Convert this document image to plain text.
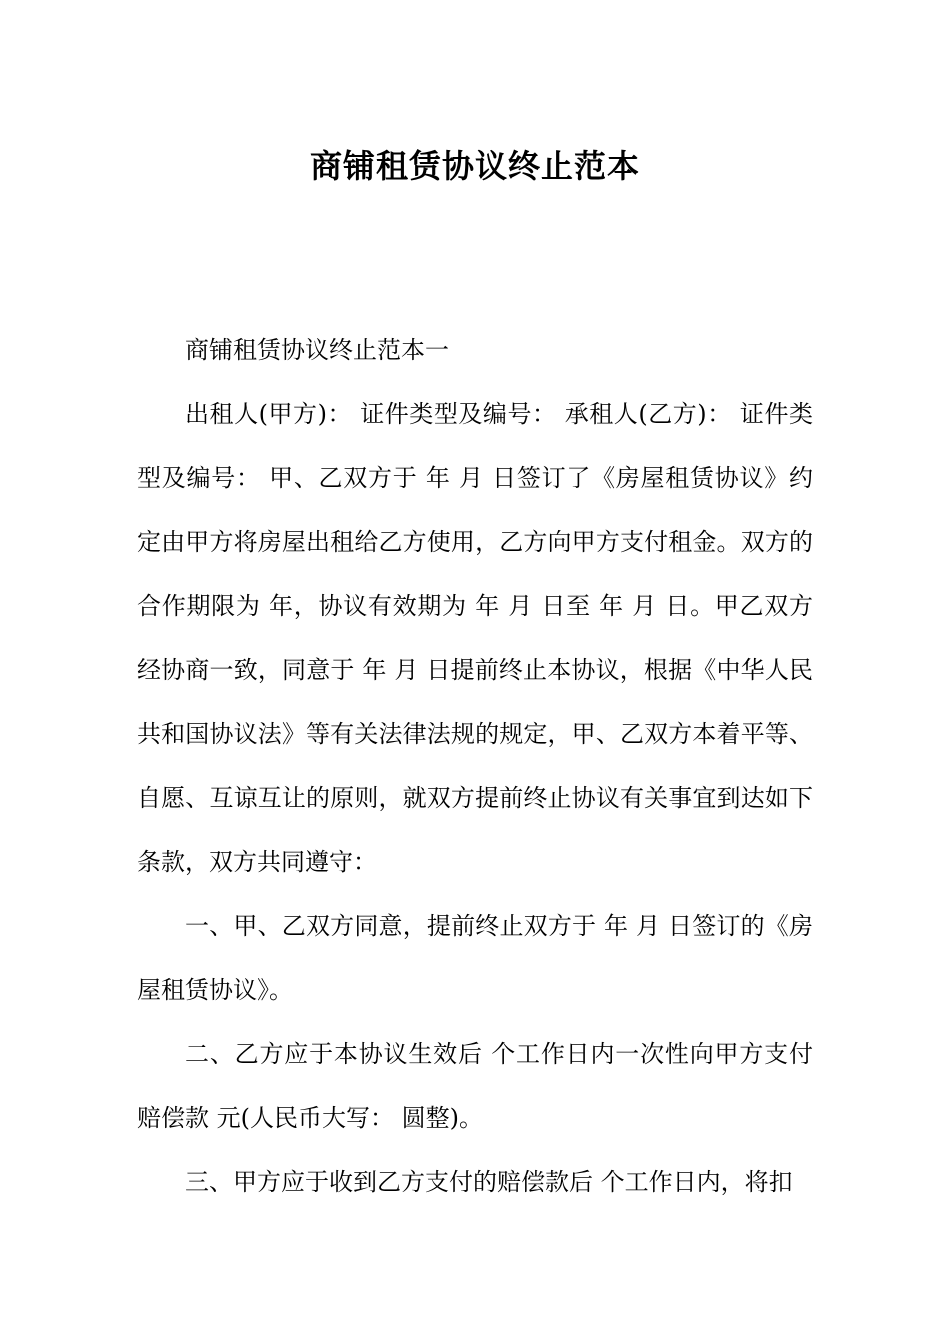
商铺租赁协议终止范本

商铺租赁协议终止范本一

出租人(甲方)： 证件类型及编号： 承租人(乙方)： 证件类型及编号： 甲、乙双方于 年 月 日签订了《房屋租赁协议》约定由甲方将房屋出租给乙方使用，乙方向甲方支付租金。双方的合作期限为 年，协议有效期为 年 月 日至 年 月 日。甲乙双方经协商一致，同意于 年 月 日提前终止本协议，根据《中华人民共和国协议法》等有关法律法规的规定，甲、乙双方本着平等、自愿、互谅互让的原则，就双方提前终止协议有关事宜到达如下条款，双方共同遵守：

一、甲、乙双方同意，提前终止双方于 年 月 日签订的《房屋租赁协议》。

二、乙方应于本协议生效后 个工作日内一次性向甲方支付赔偿款 元(人民币大写： 圆整)。

三、甲方应于收到乙方支付的赔偿款后 个工作日内，将扣
